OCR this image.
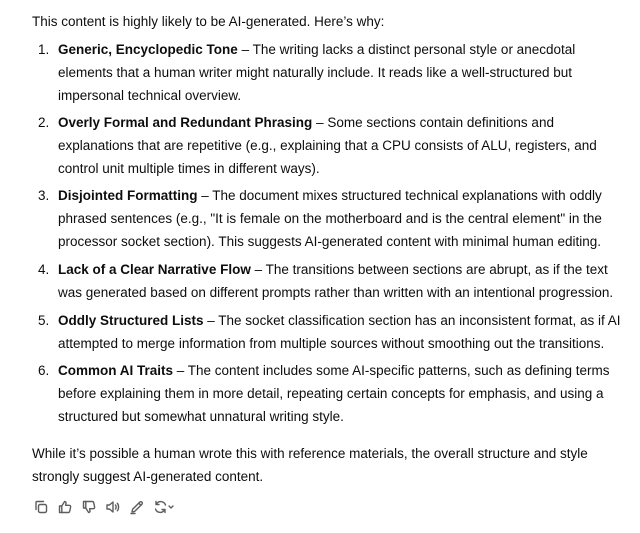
This content is highly likely to be AI-generated. Here’s why:
1. Generic, Encyclopedic Tone – The writing lacks a distinct personal style or anecdotal elements that a human writer might naturally include. It reads like a well-structured but impersonal technical overview.
2. Overly Formal and Redundant Phrasing – Some sections contain definitions and explanations that are repetitive (e.g., explaining that a CPU consists of ALU, registers, and control unit multiple times in different ways).
3. Disjointed Formatting – The document mixes structured technical explanations with oddly phrased sentences (e.g., "It is female on the motherboard and is the central element" in the processor socket section). This suggests AI-generated content with minimal human editing.
4. Lack of a Clear Narrative Flow – The transitions between sections are abrupt, as if the text was generated based on different prompts rather than written with an intentional progression.
5. Oddly Structured Lists – The socket classification section has an inconsistent format, as if AI attempted to merge information from multiple sources without smoothing out the transitions.
6. Common AI Traits – The content includes some AI-specific patterns, such as defining terms before explaining them in more detail, repeating certain concepts for emphasis, and using a structured but somewhat unnatural writing style.
While it’s possible a human wrote this with reference materials, the overall structure and style strongly suggest AI-generated content.
